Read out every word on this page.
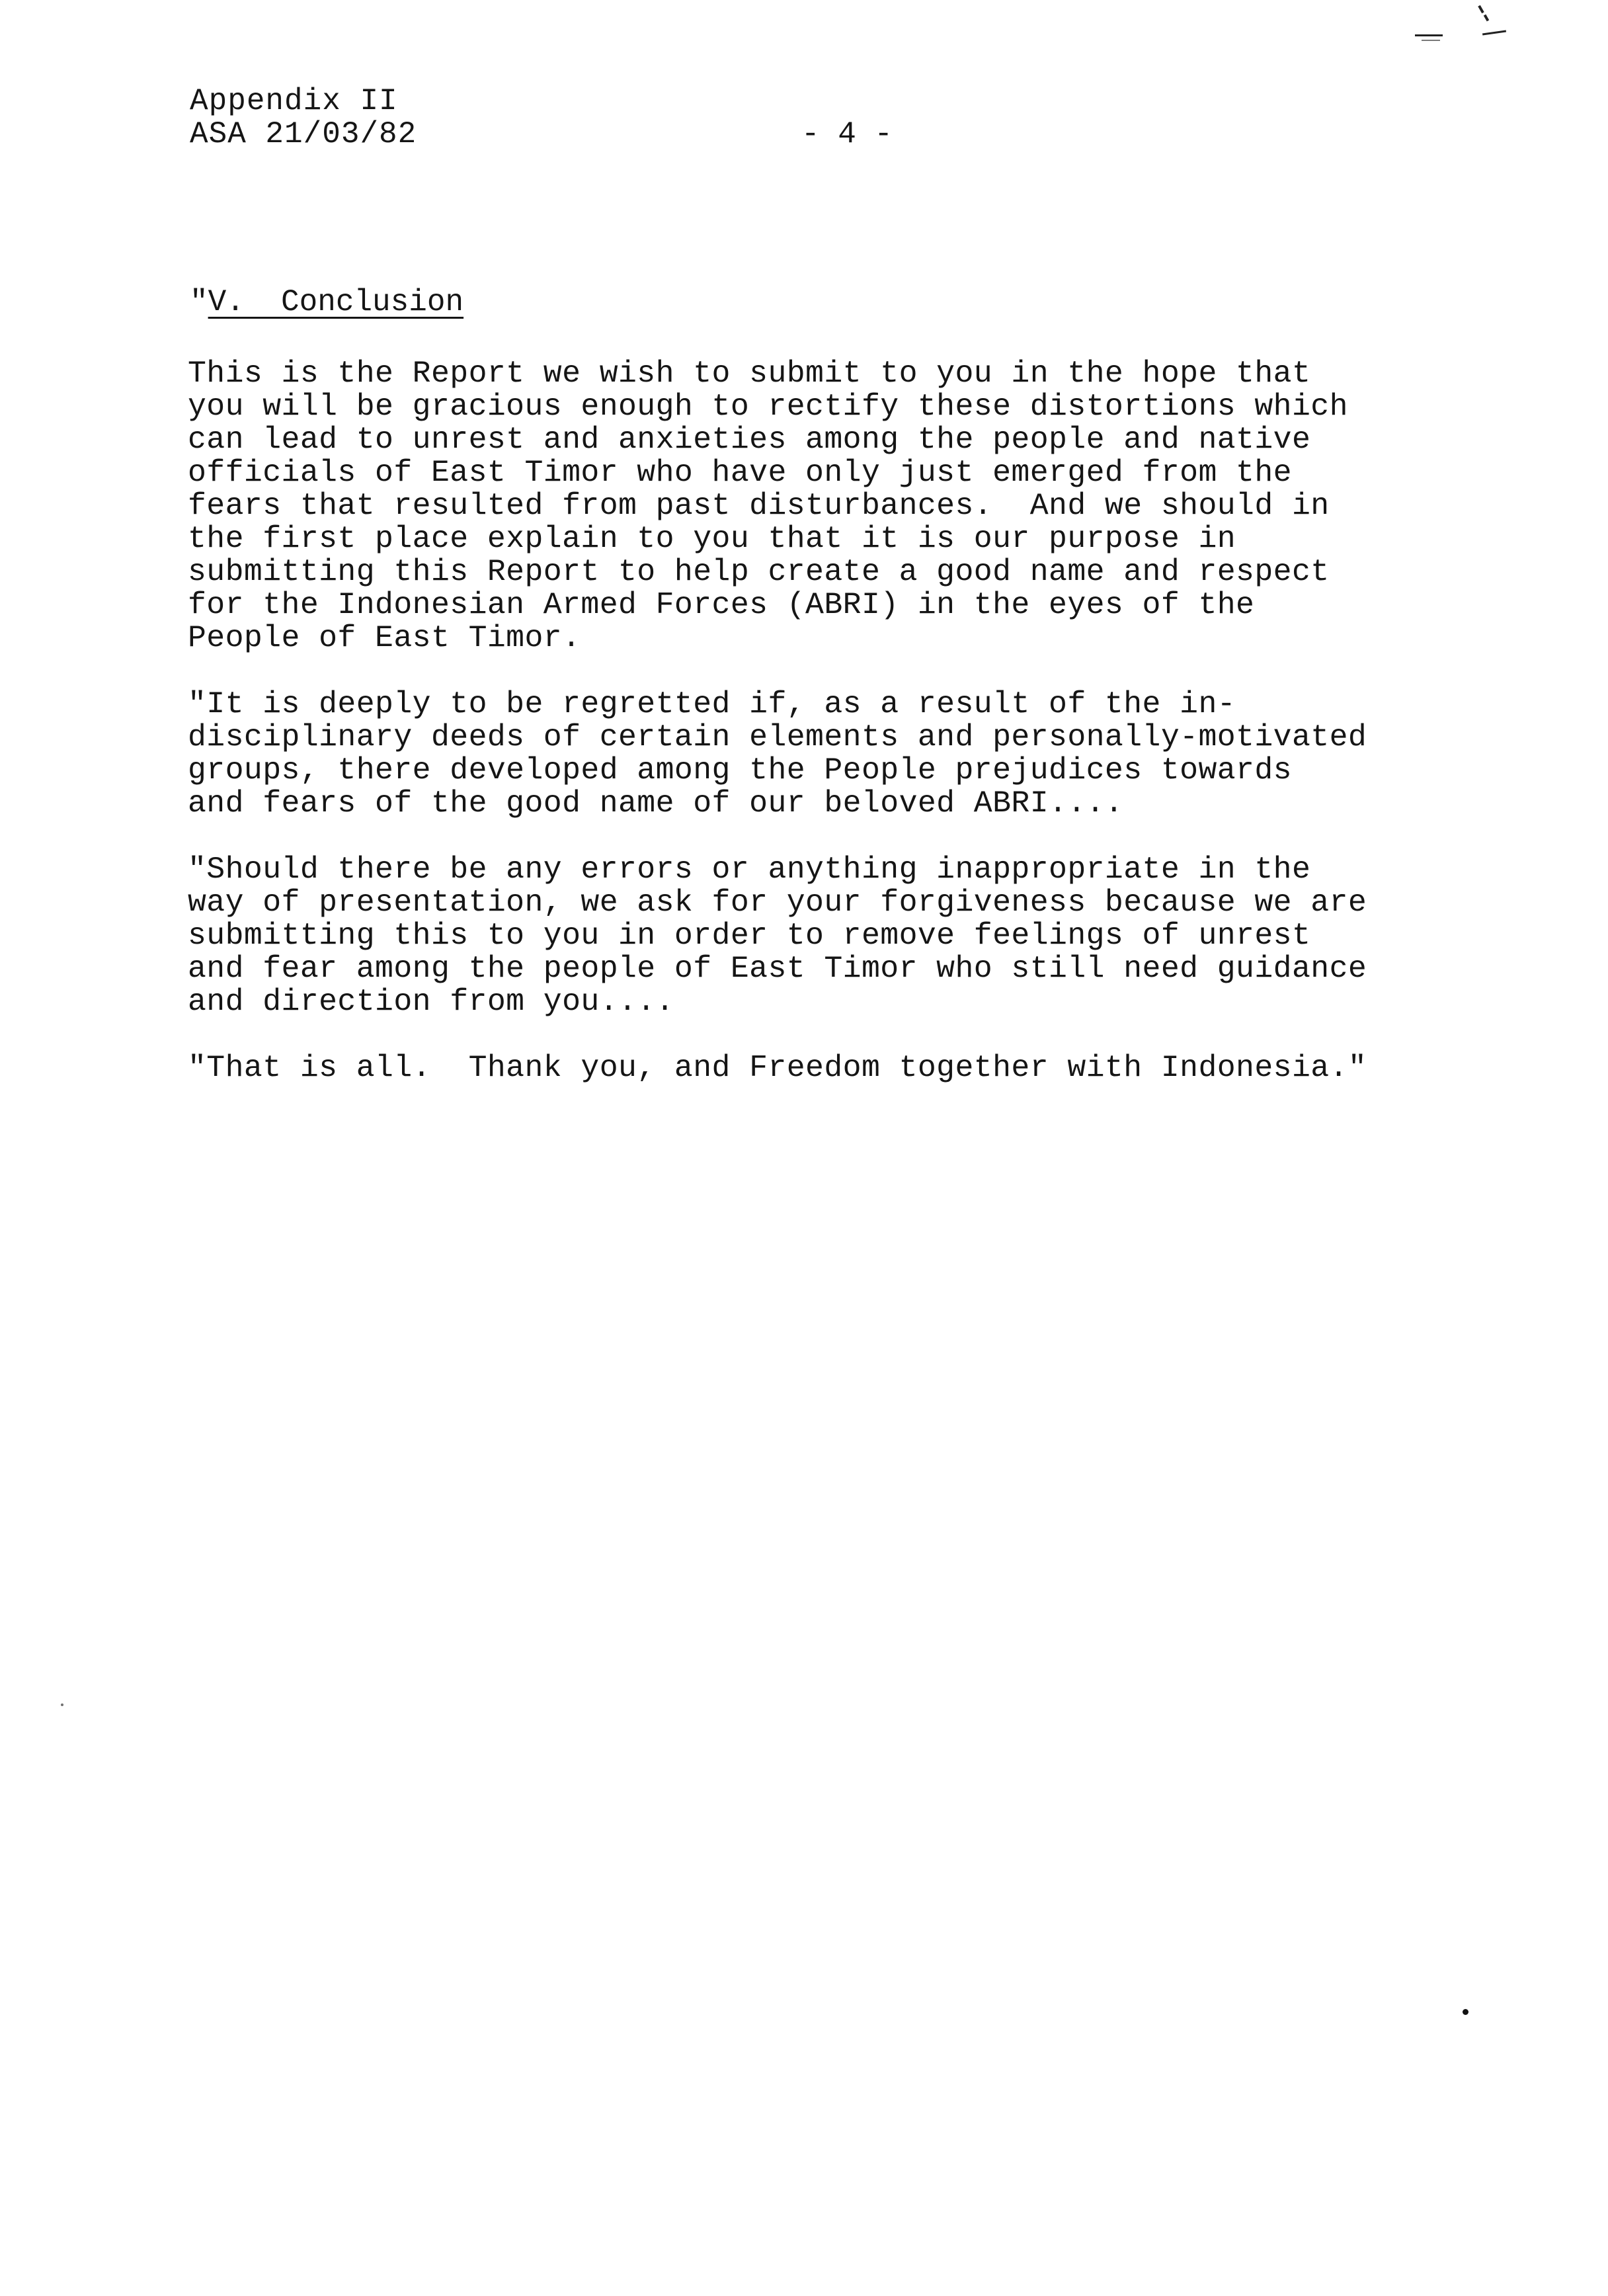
Appendix II
ASA 21/03/82	- 4 -
"V.  Conclusion
This is the Report we wish to submit to you in the hope that
you will be gracious enough to rectify these distortions which
can lead to unrest and anxieties among the people and native
officials of East Timor who have only just emerged from the
fears that resulted from past disturbances.  And we should in
the first place explain to you that it is our purpose in
submitting this Report to help create a good name and respect
for the Indonesian Armed Forces (ABRI) in the eyes of the
People of East Timor.
"It is deeply to be regretted if, as a result of the in-
disciplinary deeds of certain elements and personally-motivated
groups, there developed among the People prejudices towards
and fears of the good name of our beloved ABRI....
"Should there be any errors or anything inappropriate in the
way of presentation, we ask for your forgiveness because we are
submitting this to you in order to remove feelings of unrest
and fear among the people of East Timor who still need guidance
and direction from you....
"That is all.  Thank you, and Freedom together with Indonesia."
